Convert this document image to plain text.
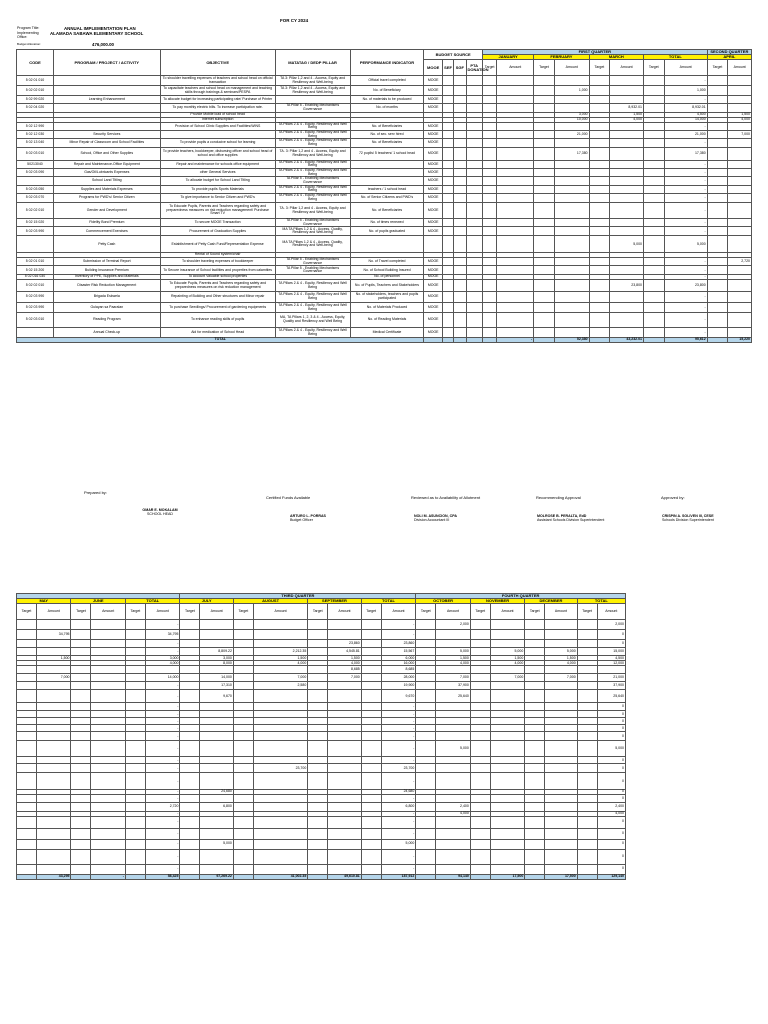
FOR CY 2024
Program Title:	ANNUAL IMPLEMENTATION PLAN
Implementing Office:
ALAMADA SABAWA ELEMENTARY SCHOOL
Budget Allocation:	476,000.00
CODE	PROGRAM / PROJECT / ACTIVITY	OBJECTIVE	MATATAG / DEDP PILLAR	PERFORMANCE INDICATOR	BUDGET SOURCE				FIRST QUARTER								SECOND QUARTER	
									JANUARY		FEBRUARY		MARCH		TOTAL		APRIL	
					MOOE	SEF	SGF	PTA DONATION	Target	Amount	Target	Amount	Target	Amount	Target	Amount	Target	Amount
5 02 01 010		To shoulder travelling expenses of teachers and school head on official transaction	TA 3: Pillar 1,2 and 4 - Access, Equity and Resiliency and Well-being	Official travel completed	MOOE											-		
5 02 02 010		To capacitate teachers and school head on management and teaching skills through trainings & seminars/PESPA	TA 3: Pillar 1,2 and 4 - Access, Equity and Resiliency and Well-being	No. of Beneficiary	MOOE							1,000				1,000		
5 02 99 020	Learning Enhancement	To allocate budget for increasing participating rate/ Purchase of Printer		No. of materials to be produced	MOOE											-		
5 02 04 020		To pay monthly electric bills. To increase participation rate.	TA Pillar 5 - Enabling Mechanisms Governance	No. of months	MOOE									8,932.01		8,932.01		
		Provide Mobile load of school head										3,000		1,500		4,500		1,500
		Internet subscription										10,000		4,000		14,000		4,000
5 02 12 990		Provision of School Clinic Supplies and Facilities/WINS	TA Pillars 2 & 4 - Equity, Resiliency and Well Being	No. of Beneficiaries	MOOE											-		
5 02 12 030	Security Services		TA Pillars 2 & 4 - Equity, Resiliency and Well Being	No. of sec. serv hired	MOOE							21,000				21,000		7,000
5 02 13 040	Minor Repair of Classroom and School Facilities	To provide pupils a conducive school for learning	TA Pillars 2 & 4 - Equity, Resiliency and Well Being	No. of Beneficiaries	MOOE											-		
5 02 03 010	School, Office and Other Supplies	To provide teachers, bookkeeper, disbursing officer and school head of school and office supplies	TA. 3: Pillar 1,2 and 4 - Access, Equity and Resiliency and Well-being	72 pupils/ 5 teachers/ 1 school head	MOOE							17,380				17,380		
50213040	Repair and Maintenance-Office Equipment	Repair and maintenance for schools office equipment	TA Pillars 2 & 4 - Equity, Resiliency and Well Being		MOOE											-		
5 02 03 090	Gas/Oil/Lubricants Expenses	other General Services	TA Pillars 2 & 4 - Equity, Resiliency and Well Being		MOOE											-		
	School Land Titling	To allocate budget for School Land Titling	TA Pillar 5 - Enabling Mechanisms Governance		MOOE											-		
5 02 03 050	Supplies and Materials Expenses	To provide pupils Sports Materials	TA Pillars 2 & 4 - Equity, Resiliency and Well Being	teachers / 1 school head	MOOE											-		
5 02 03 070	Programs for PWD's/ Senior Citizen	To give importance to Senior Citizen and PWD's	TA Pillars 2 & 4 - Equity, Resiliency and Well Being	No. of Senior Citizens and PWD's	MOOE											-		
5 02 02 010	Gender and Development	To Educate Pupils, Parents and Teachers regarding safety and preparedness measures on risk reduction management/ Purchase Smart TV	TA. 3: Pillar 1,2 and 4 - Access, Equity and Resiliency and Well-being	No. of Beneficiaries	MOOE											-		
5 02 15 020	Fidelity Bond Premium	To secure MOOE Transaction	TA Pillar 5 - Enabling Mechanisms Governance	No. of times renewed	MOOE											-		
5 02 03 990	Commencement Exercises	Procurement of Graduation Supplies	MA TA Pillars 1,2 & 4 - Access, Quality, Resiliency and Well-being	No. of pupils graduated	MOOE											-		
	Petty Cash	Establishment of Petty Cash Fund/Representation Expense	MA TA Pillars 1,2 & 4 - Access, Quality, Resiliency and Well-being											5,000		5,000		
		Rental of Sound system/chair																
5 02 01 010	Submission of Terminal Report	To shoulder traveling expenses of bookkeeper	TA Pillar 5 - Enabling Mechanisms Governance	No. of Travel completed	MOOE											-		2,720
5 02 15 200	Building Insurance Premium	To Secure insurance of School facilities and properties from calamities	TA Pillar 5 - Enabling Mechanisms Governance	No. of School Building Insured	MOOE											-		
5 02 016 030	Inventory of PPE, Supplies and Materials	To account Valuable school properties		No. of personnel	MOOE											-		
5 02 02 010	Disaster Risk Reduction Management	To Educate Pupils, Parents and Teachers regarding safety and preparedness measures on risk reduction management	TA Pillars 2 & 4 - Equity, Resiliency and Well Being	No. of Pupils, Teachers and Stakeholders	MOOE									23,800		23,800		
5 02 03 990	Brigada Eskwela	Repainting of Building and Other structures and Minor repair	TA Pillars 2 & 4 - Equity, Resiliency and Well Being	No. of stakeholders, teachers and pupils participated	MOOE											-		
5 02 03 990	Gulayan sa Paaralan	To purchase Seedlings/ Procurement of gardening equipments	TA Pillars 2 & 4 - Equity, Resiliency and Well Being	No. of Materials Produced	MOOE											-		
5 02 03 010	Reading Program	To enhance reading skills of pupils	MA, TA Pillars 1, 2, 3 & 4 - Access, Equity, Quality and Resiliency and Well Being	No. of Reading Materials	MOOE											-		
	Annual Check-up	Aid for medication of School Head	TA Pillars 2 & 4 - Equity, Resiliency and Well Being	Medical Certificate	MOOE											-		
TOTAL										-		52,380		43,232.01		95,612		15,220
Prepared by:
Certified Funds Available	Reviewed as to Availability of Allotment	Recommending Approval	Approved by:
OMAR E. MOKALAM
SCHOOL HEAD
ARTURO L. PORRAS
Budget Officer
NOLI M. ASUNCION, CPA
Division Accountant III
MOLROSE B. PERALTA, EdD
Assistant Schools Division Superintendent
CRISPIN A. SOLIVEN III, CESE
Schools Division Superintendent
						THIRD QUARTER								FOURTH QUARTER							
MAY		JUNE		TOTAL		JULY		AUGUST		SEPTEMBER		TOTAL		OCTOBER		NOVEMBER		DECEMBER		TOTAL	
Target	Amount	Target	Amount	Target	Amount	Target	Amount	Target	Amount	Target	Amount	Target	Amount	Target	Amount	Target	Amount	Target	Amount	Target	Amount
					-								-		2,000						2,000
	34,795				34,795								-								0
					-						23,860		23,860								0
					-		8,809.22		2,212.35		4,545.81		15,567		5,000		5,000		5,000		15,000
	1,500				3,000		3,000		1,500		1,500		6,000		1,500		1,500		1,500		4,500
					4,000		8,000		4,000		4,000		16,000		4,000		4,000		4,000		12,000
											8,685		8,685								
	7,000				14,000		14,000		7,000		7,000		28,000		7,000		7,000		7,000		21,000
					-		17,310		2,580				19,900		37,900						37,900
					-		9,670						9,670		25,640						25,640
					-								-								0
					-								-								0
					-								-								0
					-								-								0
					-								-								0
					-								-		5,000						5,000
					-								-								0
					-				23,700				23,700								0
					-								-								0
					-		24,680						24,680								0
					-								-								0
					2,720		6,800						6,800		2,400						2,400
					-								-		4,000						4,000
					-								-								0
					-								-								0
					-		5,000						5,000								0
					-								-								0
					-								-								0
	43,295		-		58,425		97,269.22		41,002.35		49,610.81		187,912		94,140		17,500		17,500		129,140
